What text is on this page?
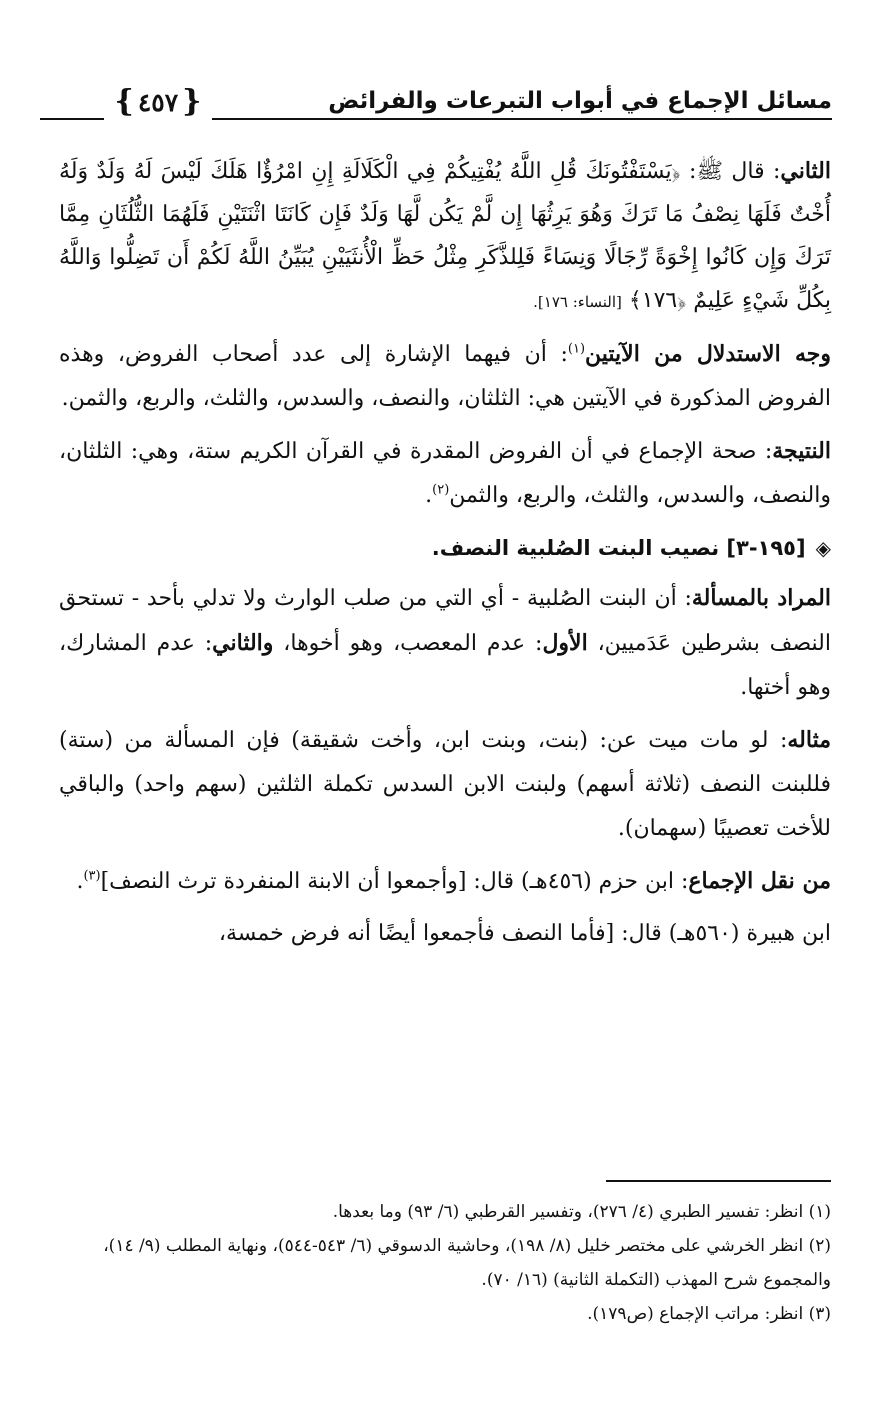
مسائل الإجماع في أبواب التبرعات والفرائض
{ ٤٥٧ }

الثاني: قال ﷺ: ﴿يَسْتَفْتُونَكَ قُلِ اللَّهُ يُفْتِيكُمْ فِي الْكَلَالَةِ إِنِ امْرُؤٌا هَلَكَ لَيْسَ لَهُ وَلَدٌ وَلَهُ أُخْتٌ فَلَهَا نِصْفُ مَا تَرَكَ وَهُوَ يَرِثُهَا إِن لَّمْ يَكُن لَّهَا وَلَدٌ فَإِن كَانَتَا اثْنَتَيْنِ فَلَهُمَا الثُّلُثَانِ مِمَّا تَرَكَ وَإِن كَانُوا إِخْوَةً رِّجَالًا وَنِسَاءً فَلِلذَّكَرِ مِثْلُ حَظِّ الْأُنثَيَيْنِ يُبَيِّنُ اللَّهُ لَكُمْ أَن تَضِلُّوا وَاللَّهُ بِكُلِّ شَيْءٍ عَلِيمٌ ﴿١٧٦﴾ [النساء: ١٧٦].

وجه الاستدلال من الآيتين$^{(١)}$: أن فيهما الإشارة إلى عدد أصحاب الفروض، وهذه الفروض المذكورة في الآيتين هي: الثلثان، والنصف، والسدس، والثلث، والربع، والثمن.

النتيجة: صحة الإجماع في أن الفروض المقدرة في القرآن الكريم ستة، وهي: الثلثان، والنصف، والسدس، والثلث، والربع، والثمن$^{(٢)}$.

◈[١٩٥-٣] نصيب البنت الصُلبية النصف.

المراد بالمسألة: أن البنت الصُلبية - أي التي من صلب الوارث ولا تدلي بأحد - تستحق النصف بشرطين عَدَميين، الأول: عدم المعصب، وهو أخوها، والثاني: عدم المشارك، وهو أختها.

مثاله: لو مات ميت عن: (بنت، وبنت ابن، وأخت شقيقة) فإن المسألة من (ستة) فللبنت النصف (ثلاثة أسهم) ولبنت الابن السدس تكملة الثلثين (سهم واحد) والباقي للأخت تعصيبًا (سهمان).

من نقل الإجماع: ابن حزم (٤٥٦هـ) قال: [وأجمعوا أن الابنة المنفردة ترث النصف]$^{(٣)}$.

ابن هبيرة (٥٦٠هـ) قال: [فأما النصف فأجمعوا أيضًا أنه فرض خمسة،

(١) انظر: تفسير الطبري (٤/ ٢٧٦)، وتفسير القرطبي (٦/ ٩٣) وما بعدها.
(٢) انظر الخرشي على مختصر خليل (٨/ ١٩٨)، وحاشية الدسوقي (٦/ ٥٤٣-٥٤٤)، ونهاية المطلب (٩/ ١٤)، والمجموع شرح المهذب (التكملة الثانية) (١٦/ ٧٠).
(٣) انظر: مراتب الإجماع (ص١٧٩).
